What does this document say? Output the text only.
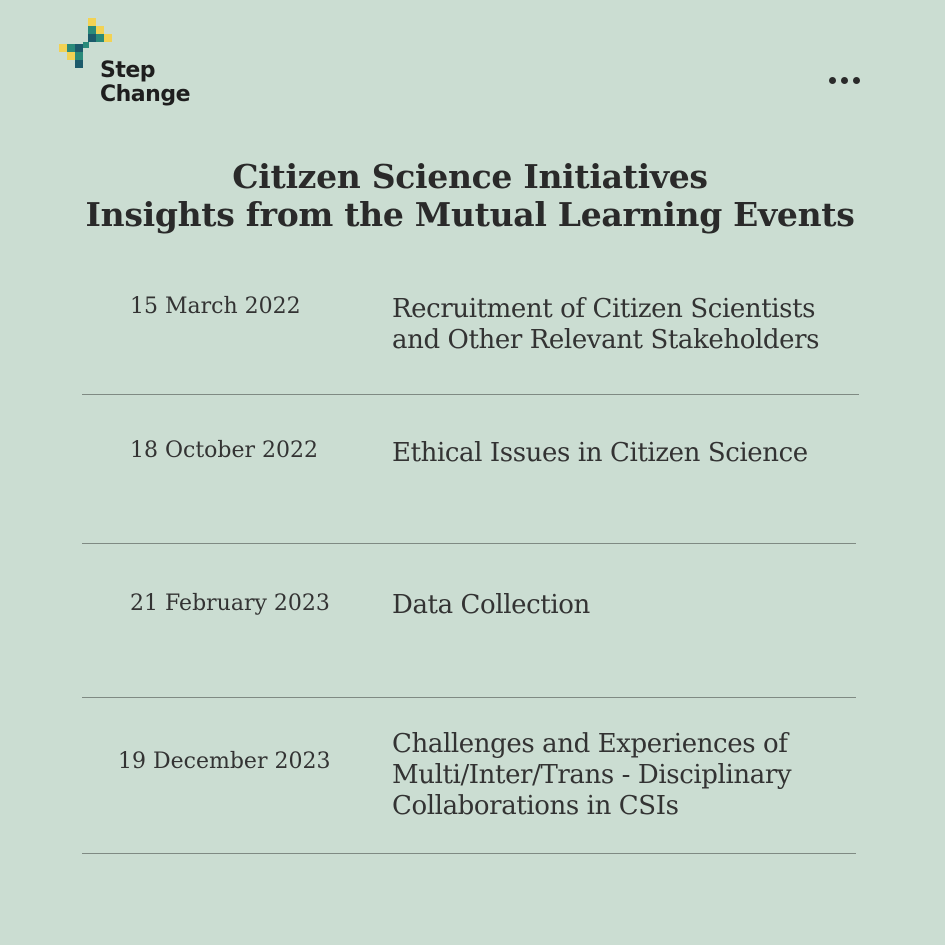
Step
Change
Citizen Science Initiatives
Insights from the Mutual Learning Events
15 March 2022	Recruitment of Citizen Scientists
and Other Relevant Stakeholders
18 October 2022	Ethical Issues in Citizen Science
21 February 2023 Data Collection
19 December 2023
Challenges and Experiences of
Multi/Inter/Trans - Disciplinary
Collaborations in CSIs
